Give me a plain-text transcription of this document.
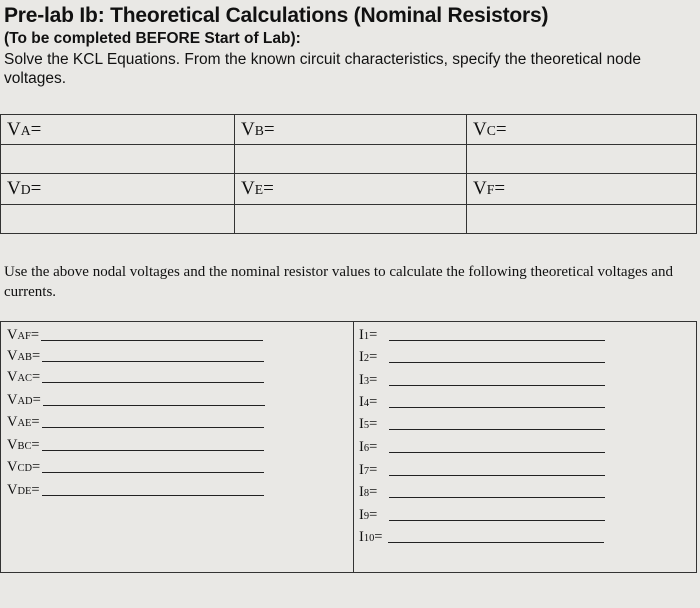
Pre-lab Ib: Theoretical Calculations (Nominal Resistors)
(To be completed BEFORE Start of Lab):
Solve the KCL Equations. From the known circuit characteristics, specify the theoretical node voltages.
VA=	VB=	VC=

VD=	VE=	VF=

Use the above nodal voltages and the nominal resistor values to calculate the following theoretical voltages and currents.
VAF=
VAB=
VAC=
VAD=
VAE=
VBC=
VCD=
VDE=
I1=
I2=
I3=
I4=
I5=
I6=
I7=
I8=
I9=
I10=
